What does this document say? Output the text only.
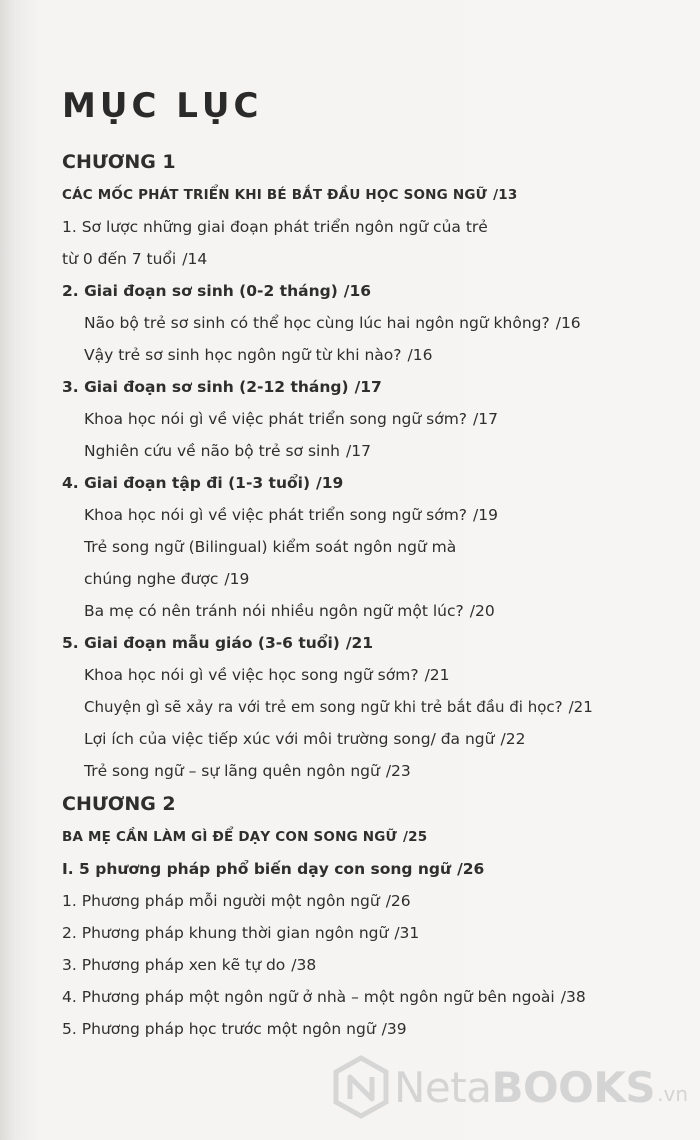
MỤC LỤC
CHƯƠNG 1
CÁC MỐC PHÁT TRIỂN KHI BÉ BẮT ĐẦU HỌC SONG NGỮ /13
1. Sơ lược những giai đoạn phát triển ngôn ngữ của trẻ
từ 0 đến 7 tuổi /14
2. Giai đoạn sơ sinh (0-2 tháng) /16
Não bộ trẻ sơ sinh có thể học cùng lúc hai ngôn ngữ không? /16
Vậy trẻ sơ sinh học ngôn ngữ từ khi nào? /16
3. Giai đoạn sơ sinh (2-12 tháng) /17
Khoa học nói gì về việc phát triển song ngữ sớm? /17
Nghiên cứu về não bộ trẻ sơ sinh /17
4. Giai đoạn tập đi (1-3 tuổi) /19
Khoa học nói gì về việc phát triển song ngữ sớm? /19
Trẻ song ngữ (Bilingual) kiểm soát ngôn ngữ mà
chúng nghe được /19
Ba mẹ có nên tránh nói nhiều ngôn ngữ một lúc? /20
5. Giai đoạn mẫu giáo (3-6 tuổi) /21
Khoa học nói gì về việc học song ngữ sớm? /21
Chuyện gì sẽ xảy ra với trẻ em song ngữ khi trẻ bắt đầu đi học? /21
Lợi ích của việc tiếp xúc với môi trường song/ đa ngữ /22
Trẻ song ngữ – sự lãng quên ngôn ngữ /23
CHƯƠNG 2
BA MẸ CẦN LÀM GÌ ĐỂ DẠY CON SONG NGỮ /25
I. 5 phương pháp phổ biến dạy con song ngữ /26
1. Phương pháp mỗi người một ngôn ngữ /26
2. Phương pháp khung thời gian ngôn ngữ /31
3. Phương pháp xen kẽ tự do /38
4. Phương pháp một ngôn ngữ ở nhà – một ngôn ngữ bên ngoài /38
5. Phương pháp học trước một ngôn ngữ /39
NetaBOOKS .vn
